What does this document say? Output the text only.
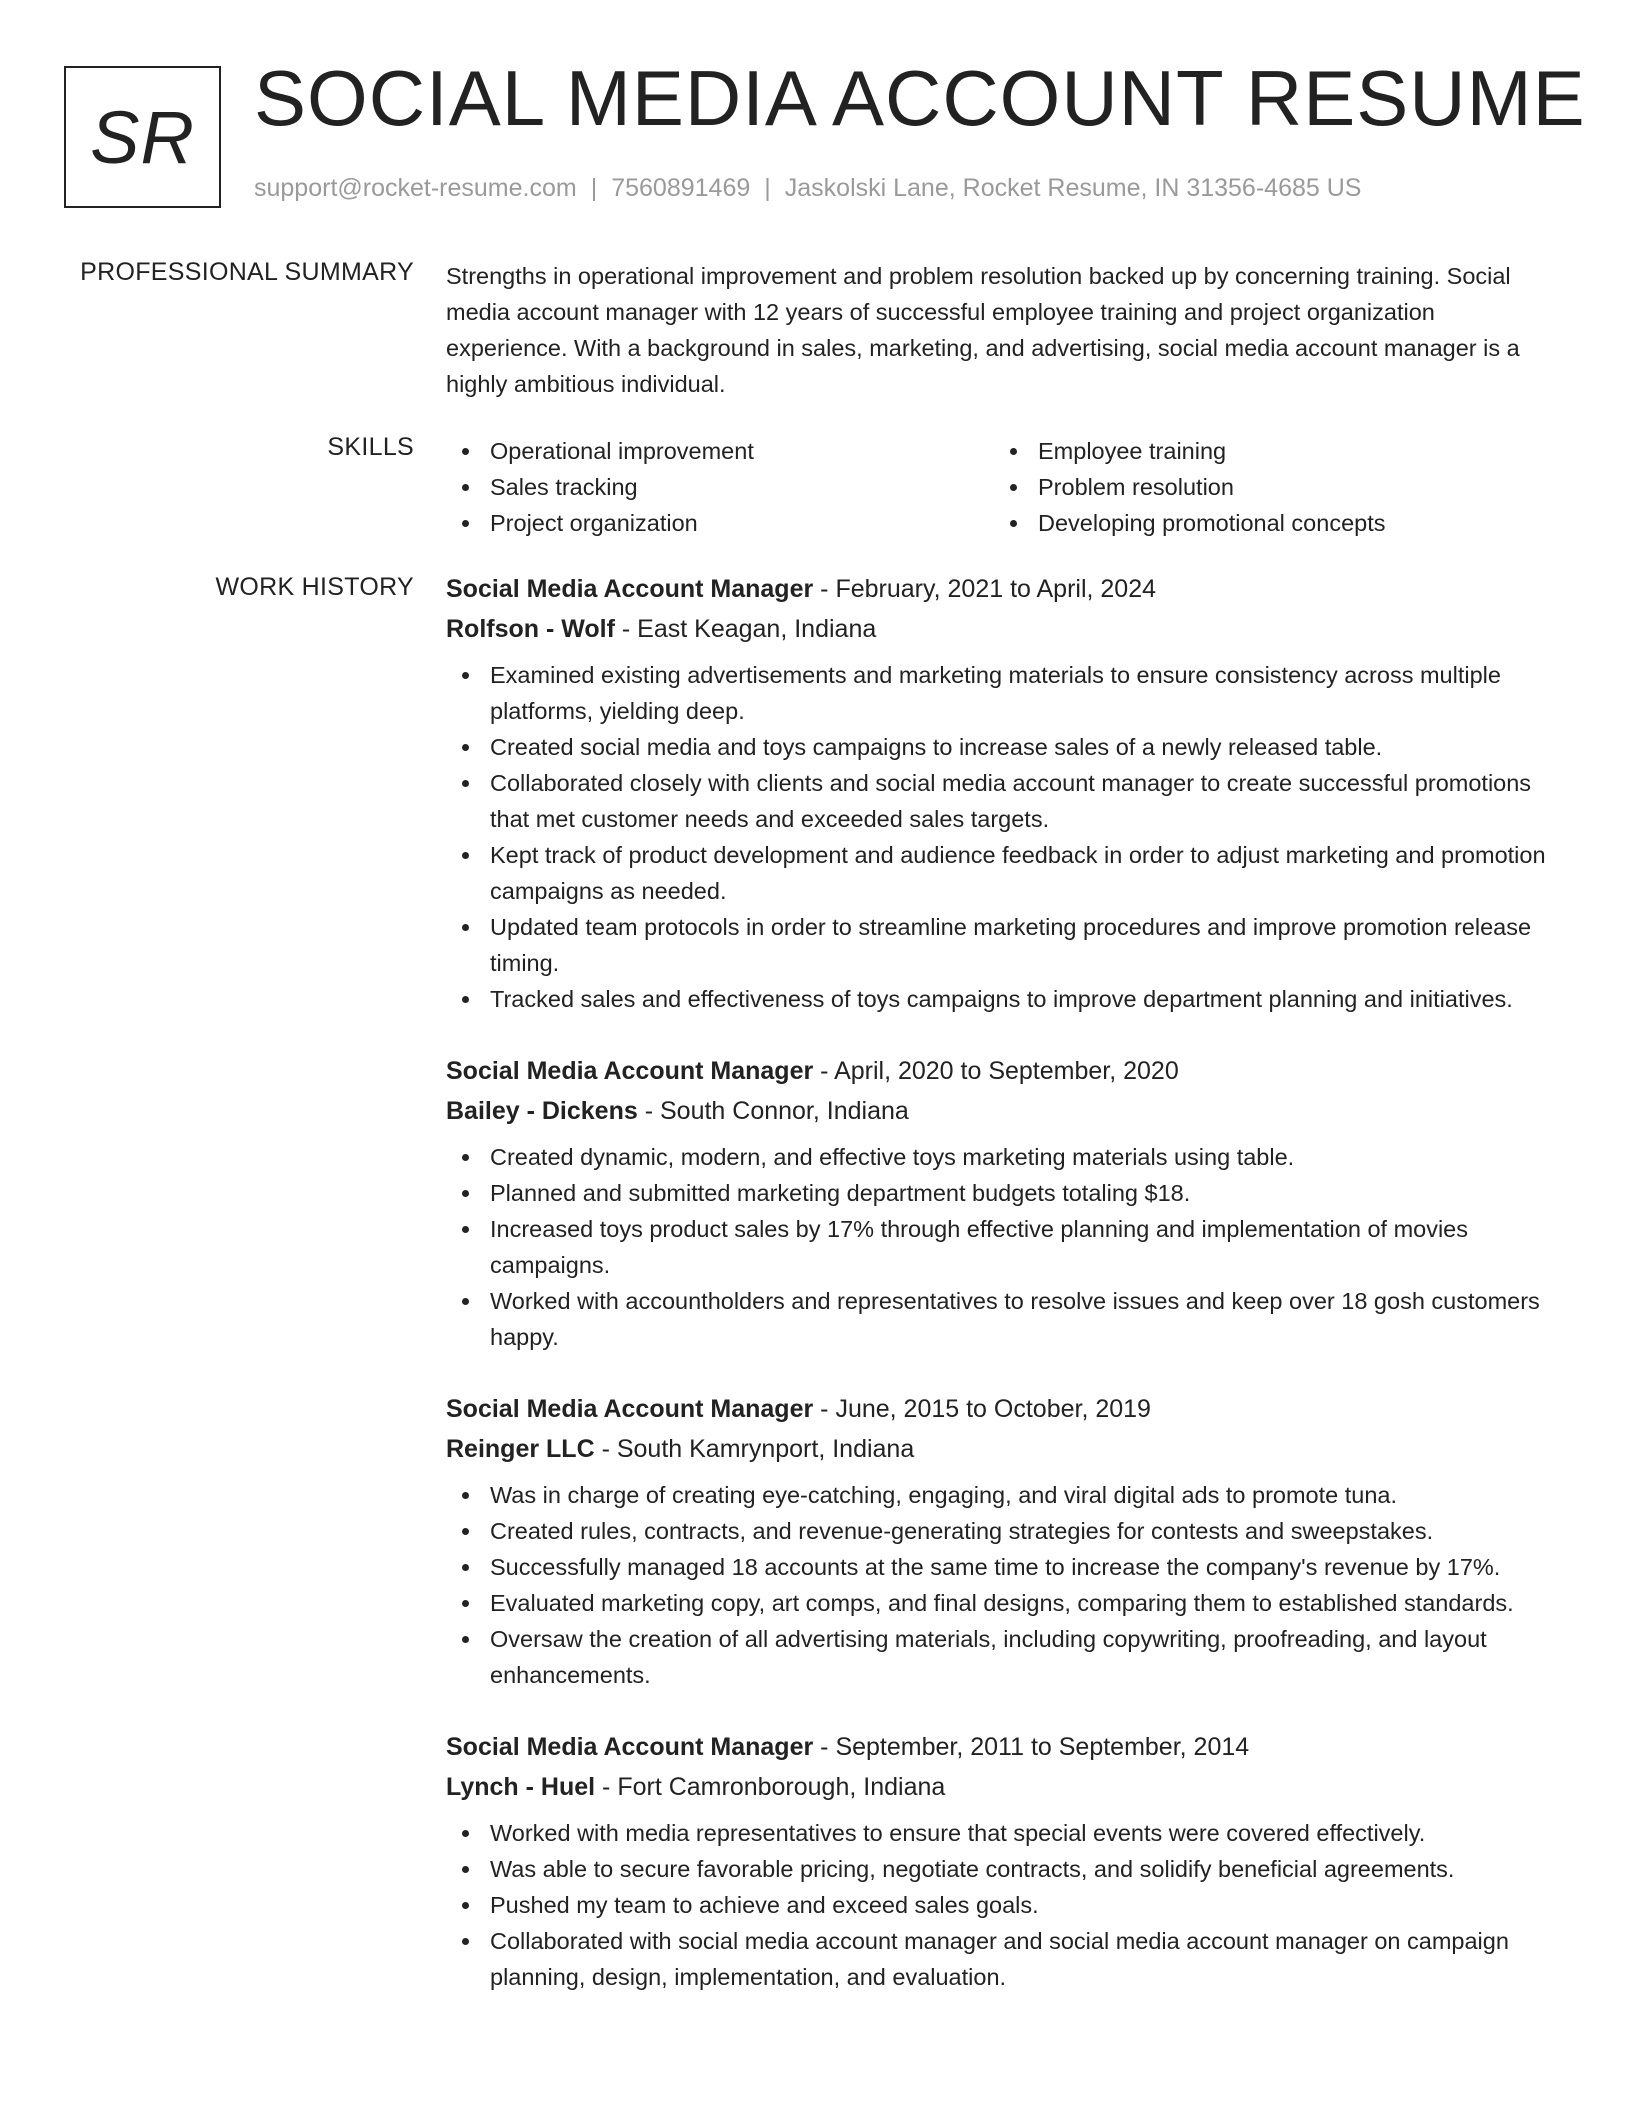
SR SOCIAL MEDIA ACCOUNT RESUME
support@rocket-resume.com | 7560891469 | Jaskolski Lane, Rocket Resume, IN 31356-4685 US
PROFESSIONAL SUMMARY Strengths in operational improvement and problem resolution backed up by concerning training. Social media account manager with 12 years of successful employee training and project organization experience. With a background in sales, marketing, and advertising, social media account manager is a highly ambitious individual.

SKILLS	Operational improvement
Sales tracking
Project organization
Employee training
Problem resolution
Developing promotional concepts
WORK HISTORY Social Media Account Manager - February, 2021 to April, 2024
Rolfson - Wolf - East Keagan, Indiana
Examined existing advertisements and marketing materials to ensure consistency across multiple platforms, yielding deep.
Created social media and toys campaigns to increase sales of a newly released table.
Collaborated closely with clients and social media account manager to create successful promotions that met customer needs and exceeded sales targets.
Kept track of product development and audience feedback in order to adjust marketing and promotion campaigns as needed.
Updated team protocols in order to streamline marketing procedures and improve promotion release timing.
Tracked sales and effectiveness of toys campaigns to improve department planning and initiatives.
Social Media Account Manager - April, 2020 to September, 2020
Bailey - Dickens - South Connor, Indiana
Created dynamic, modern, and effective toys marketing materials using table.
Planned and submitted marketing department budgets totaling $18.
Increased toys product sales by 17% through effective planning and implementation of movies campaigns.
Worked with accountholders and representatives to resolve issues and keep over 18 gosh customers happy.
Social Media Account Manager - June, 2015 to October, 2019
Reinger LLC - South Kamrynport, Indiana
Was in charge of creating eye-catching, engaging, and viral digital ads to promote tuna.
Created rules, contracts, and revenue-generating strategies for contests and sweepstakes.
Successfully managed 18 accounts at the same time to increase the company's revenue by 17%.
Evaluated marketing copy, art comps, and final designs, comparing them to established standards.
Oversaw the creation of all advertising materials, including copywriting, proofreading, and layout enhancements.
Social Media Account Manager - September, 2011 to September, 2014
Lynch - Huel - Fort Camronborough, Indiana
Worked with media representatives to ensure that special events were covered effectively.
Was able to secure favorable pricing, negotiate contracts, and solidify beneficial agreements.
Pushed my team to achieve and exceed sales goals.
Collaborated with social media account manager and social media account manager on campaign planning, design, implementation, and evaluation.
